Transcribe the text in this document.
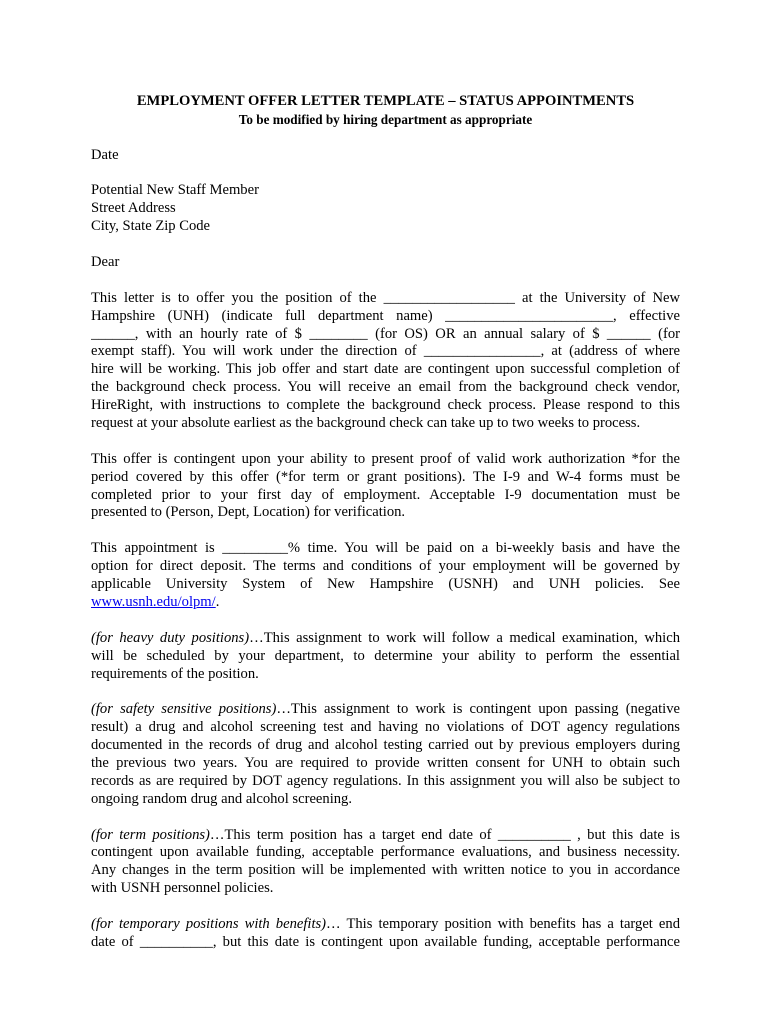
EMPLOYMENT OFFER LETTER TEMPLATE – STATUS APPOINTMENTS
To be modified by hiring department as appropriate
Date
Potential New Staff Member
Street Address
City, State Zip Code
Dear
This letter is to offer you the position of the __________________ at the University of New
Hampshire (UNH) (indicate full department name) _______________________, effective
______, with an hourly rate of $ ________ (for OS) OR an annual salary of $ ______ (for
exempt staff). You will work under the direction of ________________, at (address of where
hire will be working. This job offer and start date are contingent upon successful completion of
the background check process. You will receive an email from the background check vendor,
HireRight, with instructions to complete the background check process. Please respond to this
request at your absolute earliest as the background check can take up to two weeks to process.
This offer is contingent upon your ability to present proof of valid work authorization *for the
period covered by this offer (*for term or grant positions). The I-9 and W-4 forms must be
completed prior to your first day of employment. Acceptable I-9 documentation must be
presented to (Person, Dept, Location) for verification.
This appointment is _________% time. You will be paid on a bi-weekly basis and have the
option for direct deposit. The terms and conditions of your employment will be governed by
applicable University System of New Hampshire (USNH) and UNH policies. See
www.usnh.edu/olpm/.
(for heavy duty positions)…This assignment to work will follow a medical examination, which
will be scheduled by your department, to determine your ability to perform the essential
requirements of the position.
(for safety sensitive positions)…This assignment to work is contingent upon passing (negative
result) a drug and alcohol screening test and having no violations of DOT agency regulations
documented in the records of drug and alcohol testing carried out by previous employers during
the previous two years. You are required to provide written consent for UNH to obtain such
records as are required by DOT agency regulations. In this assignment you will also be subject to
ongoing random drug and alcohol screening.
(for term positions)…This term position has a target end date of __________ , but this date is
contingent upon available funding, acceptable performance evaluations, and business necessity.
Any changes in the term position will be implemented with written notice to you in accordance
with USNH personnel policies.
(for temporary positions with benefits)… This temporary position with benefits has a target end
date of __________, but this date is contingent upon available funding, acceptable performance
